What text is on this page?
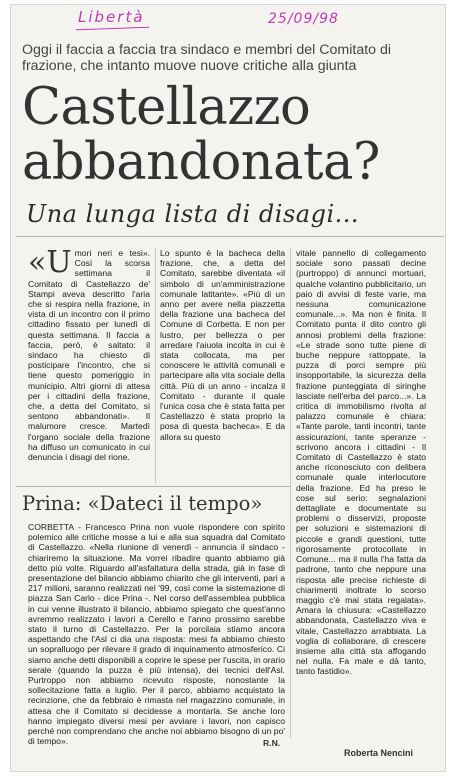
Libertà	25/09/98
Oggi il faccia a faccia tra sindaco e membri del Comitato di frazione, che intanto muove nuove critiche alla giunta
Castellazzo abbandonata?
Una lunga lista di disagi...
«Umori neri e tesi». Così la scorsa settimana il Comitato di Castellazzo de' Stampi aveva descritto l'aria che si respira nella frazione, in vista di un incontro con il primo cittadino fissato per lunedì di questa settimana. Il faccia a faccia, però, è saltato: il sindaco ha chiesto di posticipare l'incontro, che si tiene questo pomeriggio in municipio. Altri giorni di attesa per i cittadini della frazione, che, a detta del Comitato, si sentono abbandonati». Il malumore cresce. Martedì l'organo sociale della frazione ha diffuso un comunicato in cui denuncia i disagi del rione.
Lo spunto è la bacheca della frazione, che, a detta del Comitato, sarebbe diventata «il simbolo di un'amministrazione comunale latitante». «Più di un anno per avere nella piazzetta della frazione una bacheca del Comune di Corbetta. E non per lustro, per bellezza o per arredare l'aiuola incolta in cui è stata collocata, ma per conoscere le attività comunali e partecipare alla vita sociale della città. Più di un anno - incalza il Comitato - durante il quale l'unica cosa che è stata fatta per Castellazzo è stata proprio la posa di questa bacheca». E da allora su questo
vitale pannello di collegamento sociale sono passati decine (purtroppo) di annunci mortuari, qualche volantino pubblicitario, un paio di avvisi di feste varie, ma nessuna comunicazione comunale...». Ma non è finita. Il Comitato punta il dito contro gli annosi problemi della frazione: «Le strade sono tutte piene di buche neppure rattoppate, la puzza di porci sempre più insopportabile, la sicurezza della frazione punteggiata di siringhe lasciate nell'erba del parco...». La critica di immobilismo rivolta al palazzo comunale è chiara: «Tante parole, tanti incontri, tante assicurazioni, tante speranze - scrivono ancora i cittadini - Il Comitato di Castellazzo è stato anche riconosciuto con delibera comunale quale interlocutore della frazione. Ed ha preso le cose sul serio: segnalazioni dettagliate e documentate su problemi o disservizi, proposte per soluzioni e sistemazioni di piccole e grandi questioni, tutte rigorosamente protocollate in Comune... ma il nulla l'ha fatta da padrone, tanto che neppure una risposta alle precise richieste di chiarimenti inoltrate lo scorso maggio c'è mai stata regalata». Amara la chiusura: «Castellazzo abbandonata, Castellazzo viva e vitale, Castellazzo arrabbiata. La voglia di collaborare, di crescere insieme alla città sta affogando nel nulla. Fa male e dà tanto, tanto fastidio».
Prina: «Dateci il tempo»
CORBETTA - Francesco Prina non vuole rispondere con spirito polemico alle critiche mosse a lui e alla sua squadra dal Comitato di Castellazzo. «Nella riunione di venerdì - annuncia il sindaco - chiariremo la situazione. Ma vorrei ribadire quanto abbiamo già detto più volte. Riguardo all'asfaltatura della strada, già in fase di presentazione del bilancio abbiamo chiarito che gli interventi, pari a 217 milioni, saranno realizzati nel '99, così come la sistemazione di piazza San Carlo - dice Prina -. Nel corso dell'assemblea pubblica in cui venne illustrato il bilancio, abbiamo spiegato che quest'anno avremmo realizzato i lavori a Cerello e l'anno prossimo sarebbe stato il turno di Castellazzo. Per la porcilaia stiamo ancora aspettando che l'Asl ci dia una risposta: mesi fa abbiamo chiesto un sopralluogo per rilevare il grado di inquinamento atmosferico. Ci siamo anche detti disponibili a coprire le spese per l'uscita, in orario serale (quando la puzza è più intensa), dei tecnici dell'Asl. Purtroppo non abbiamo ricevuto risposte, nonostante la sollecitazione fatta a luglio. Per il parco, abbiamo acquistato la recinzione, che da febbraio è rimasta nel magazzino comunale, in attesa che il Comitato si decidesse a montarla. Se anche loro hanno impiegato diversi mesi per avviare i lavori, non capisco perché non comprendano che anche noi abbiamo bisogno di un po' di tempo».	R.N.
Roberta Nencini
